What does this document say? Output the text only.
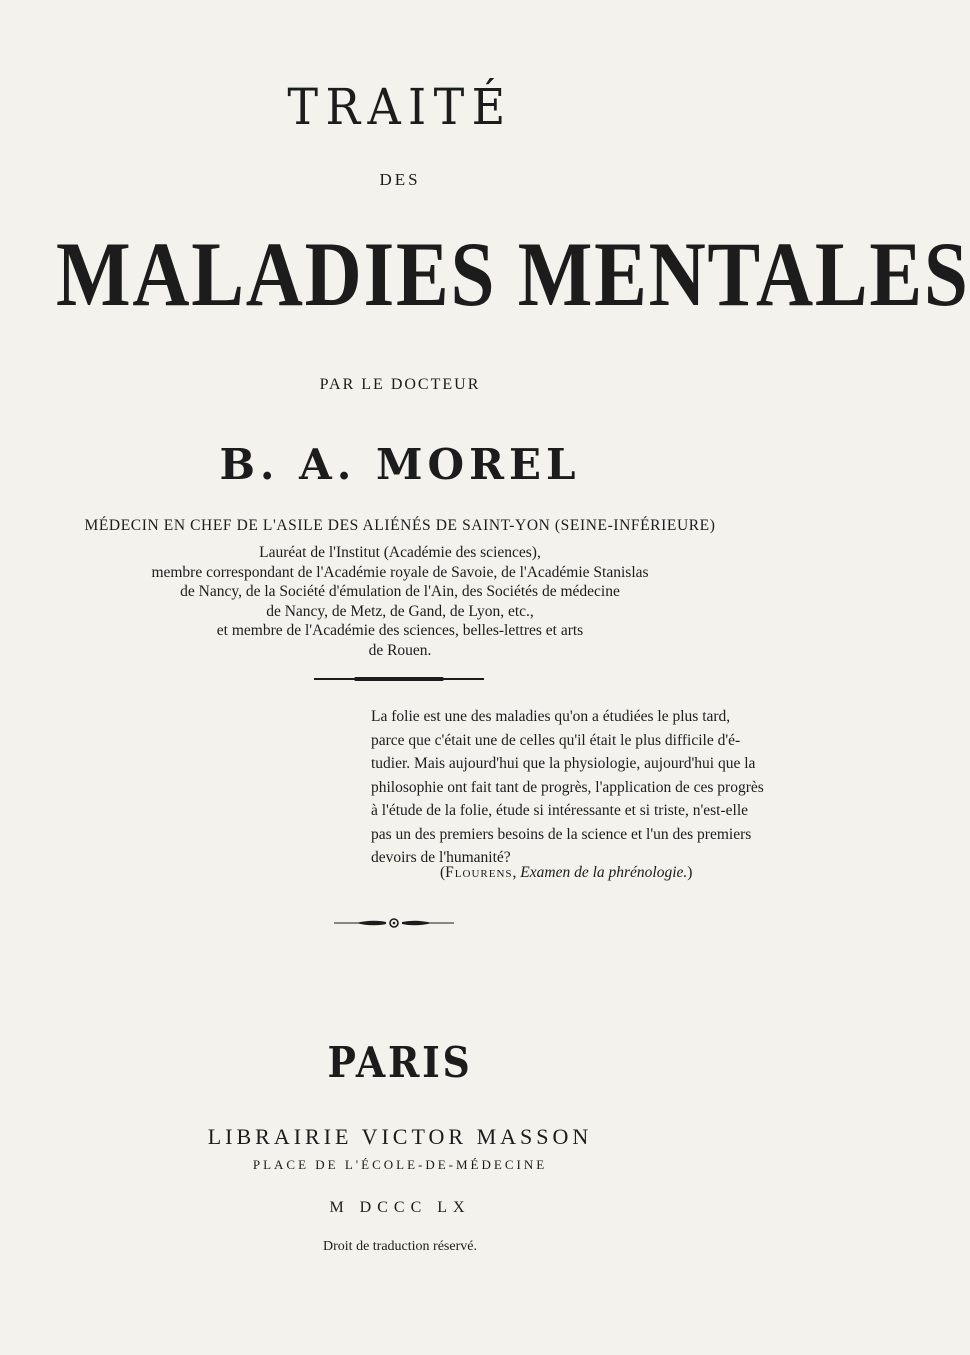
TRAITÉ
DES
MALADIES MENTALES
PAR LE DOCTEUR
B. A. MOREL
MÉDECIN EN CHEF DE L'ASILE DES ALIÉNÉS DE SAINT-YON (SEINE-INFÉRIEURE)
Lauréat de l'Institut (Académie des sciences),
membre correspondant de l'Académie royale de Savoie, de l'Académie Stanislas
de Nancy, de la Société d'émulation de l'Ain, des Sociétés de médecine
de Nancy, de Metz, de Gand, de Lyon, etc.,
et membre de l'Académie des sciences, belles-lettres et arts
de Rouen.
La folie est une des maladies qu'on a étudiées le plus tard,
parce que c'était une de celles qu'il était le plus difficile d'é-
tudier. Mais aujourd'hui que la physiologie, aujourd'hui que la
philosophie ont fait tant de progrès, l'application de ces progrès
à l'étude de la folie, étude si intéressante et si triste, n'est-elle
pas un des premiers besoins de la science et l'un des premiers
devoirs de l'humanité?
(Flourens, Examen de la phrénologie.)
PARIS
LIBRAIRIE VICTOR MASSON
PLACE DE L'ÉCOLE-DE-MÉDECINE
M DCCC LX
Droit de traduction réservé.
